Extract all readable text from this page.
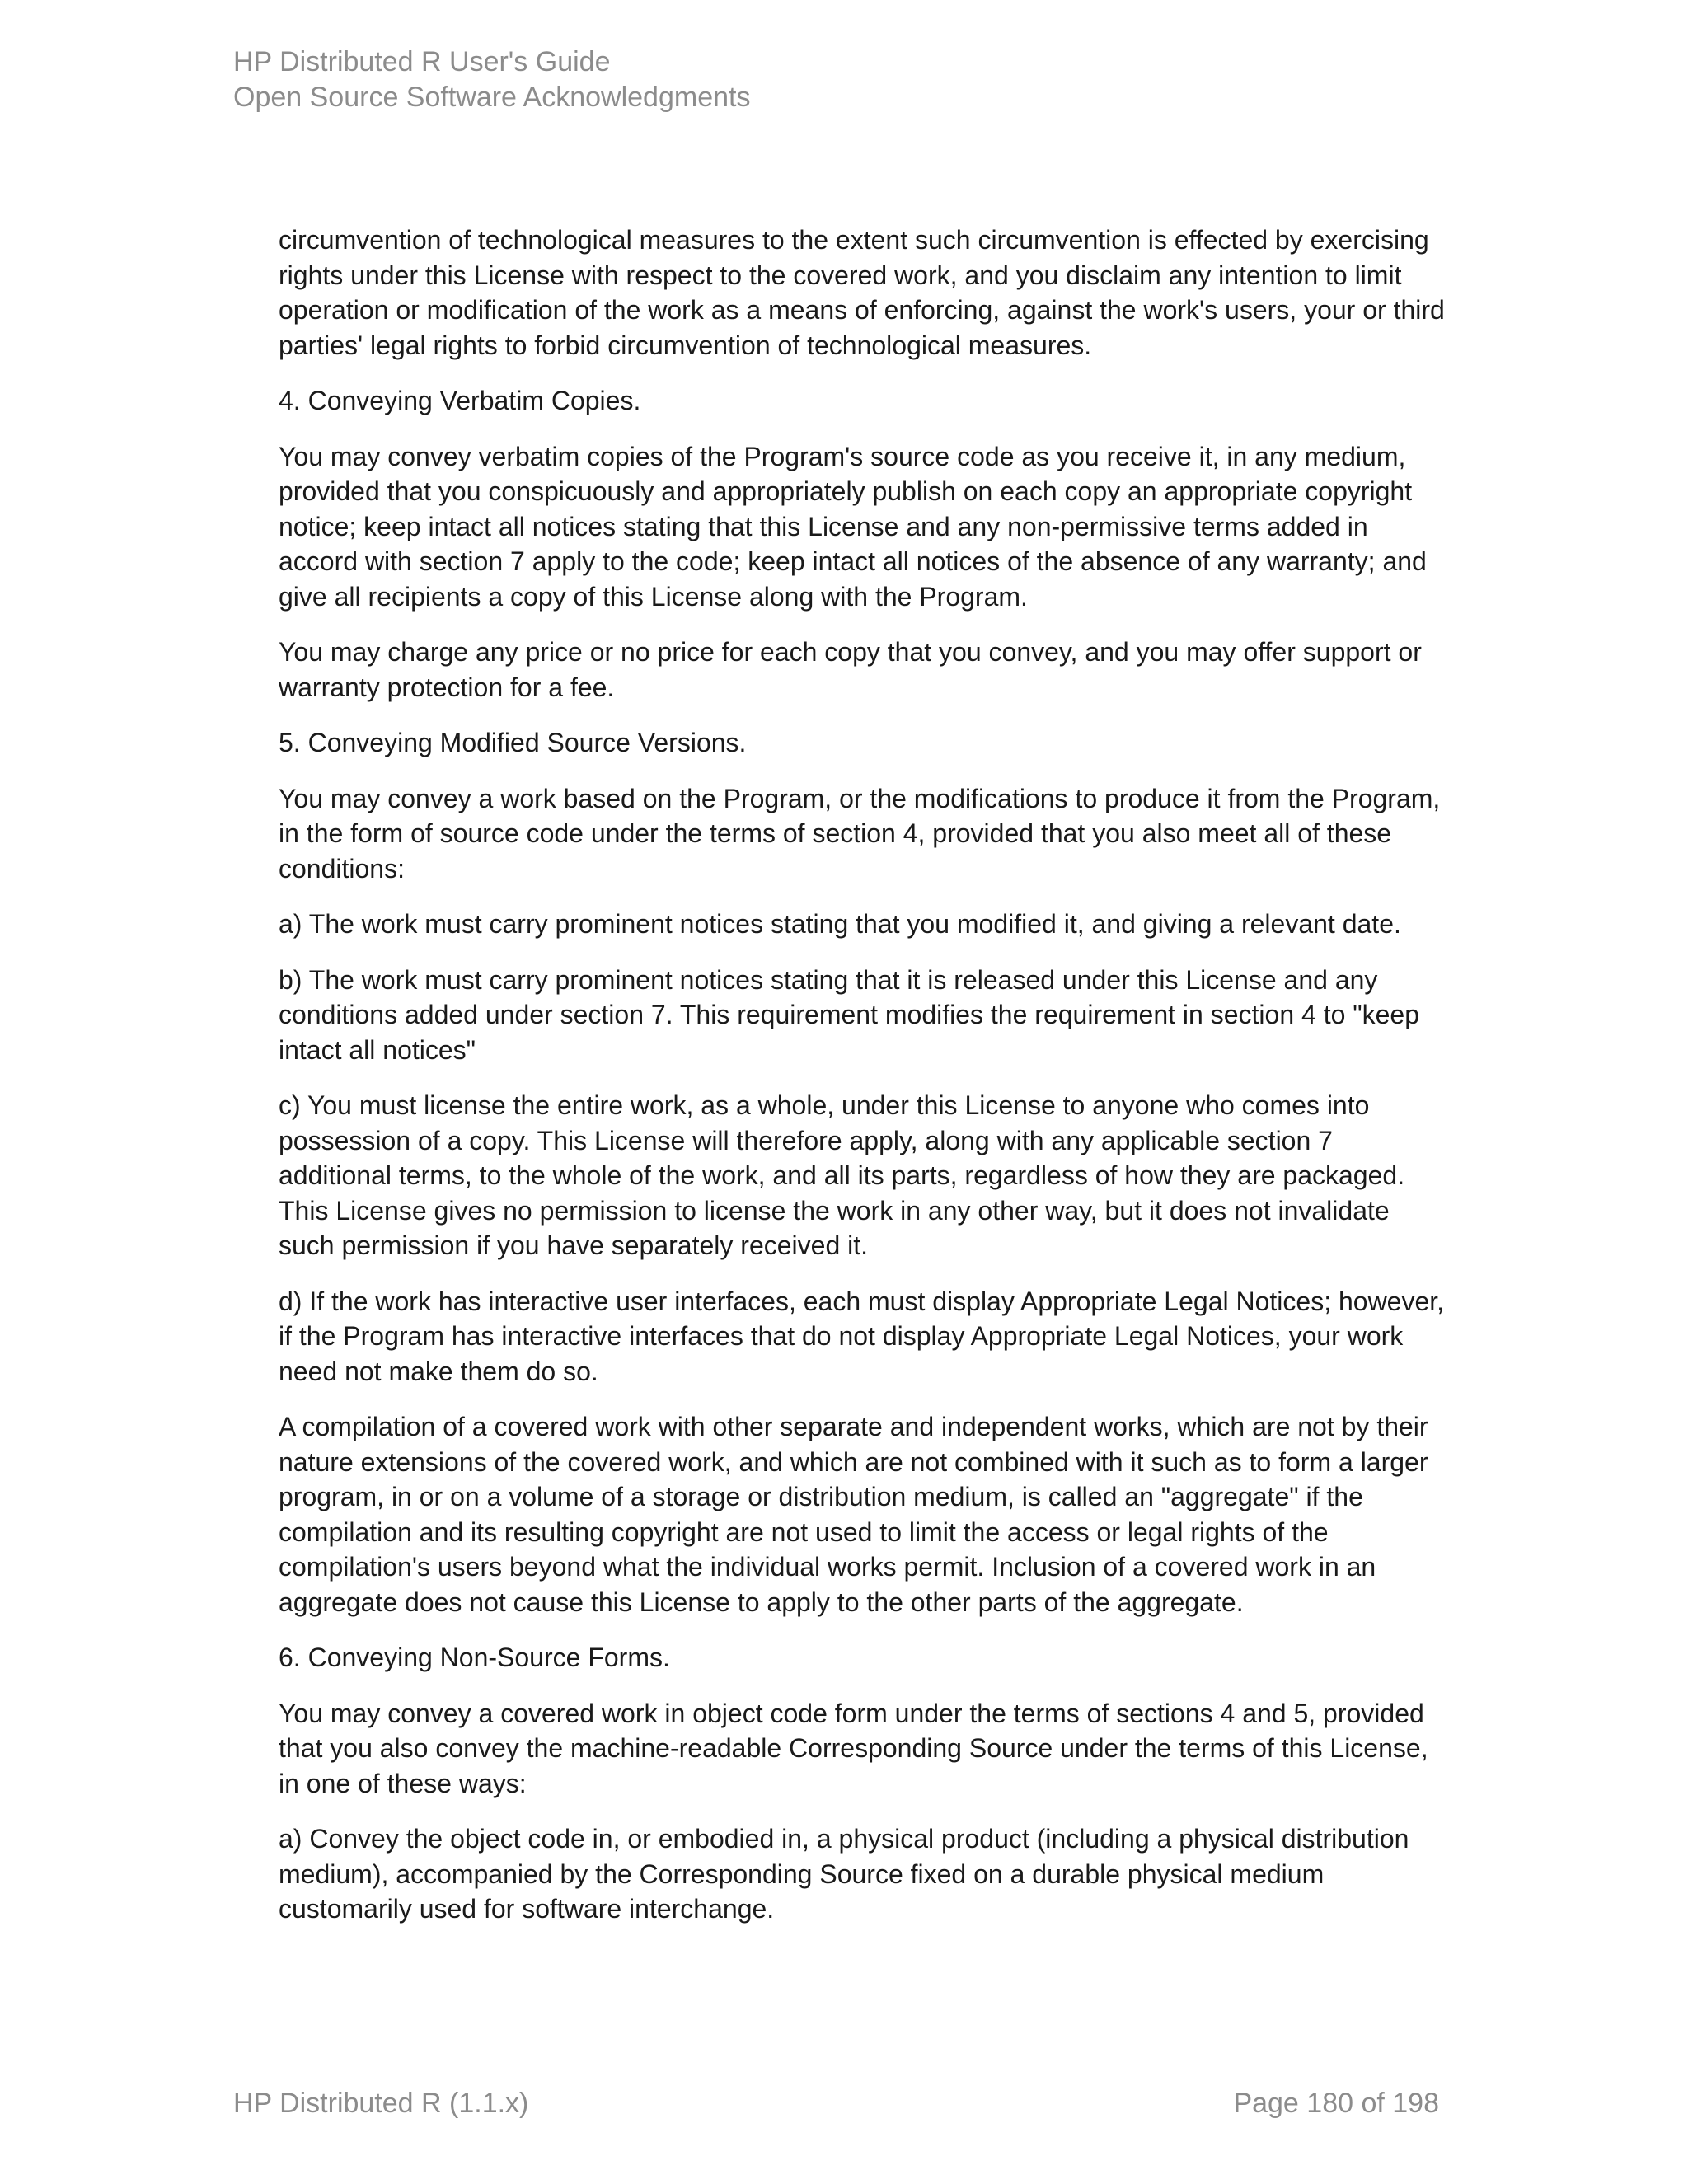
HP Distributed R User's Guide
Open Source Software Acknowledgments

circumvention of technological measures to the extent such circumvention is effected by exercising rights under this License with respect to the covered work, and you disclaim any intention to limit operation or modification of the work as a means of enforcing, against the work's users, your or third parties' legal rights to forbid circumvention of technological measures.

4. Conveying Verbatim Copies.

You may convey verbatim copies of the Program's source code as you receive it, in any medium, provided that you conspicuously and appropriately publish on each copy an appropriate copyright notice; keep intact all notices stating that this License and any non-permissive terms added in accord with section 7 apply to the code; keep intact all notices of the absence of any warranty; and give all recipients a copy of this License along with the Program.

You may charge any price or no price for each copy that you convey, and you may offer support or warranty protection for a fee.

5. Conveying Modified Source Versions.

You may convey a work based on the Program, or the modifications to produce it from the Program, in the form of source code under the terms of section 4, provided that you also meet all of these conditions:

a) The work must carry prominent notices stating that you modified it, and giving a relevant date.

b) The work must carry prominent notices stating that it is released under this License and any conditions added under section 7. This requirement modifies the requirement in section 4 to "keep intact all notices"

c) You must license the entire work, as a whole, under this License to anyone who comes into possession of a copy. This License will therefore apply, along with any applicable section 7 additional terms, to the whole of the work, and all its parts, regardless of how they are packaged. This License gives no permission to license the work in any other way, but it does not invalidate such permission if you have separately received it.

d) If the work has interactive user interfaces, each must display Appropriate Legal Notices; however, if the Program has interactive interfaces that do not display Appropriate Legal Notices, your work need not make them do so.

A compilation of a covered work with other separate and independent works, which are not by their nature extensions of the covered work, and which are not combined with it such as to form a larger program, in or on a volume of a storage or distribution medium, is called an "aggregate" if the compilation and its resulting copyright are not used to limit the access or legal rights of the compilation's users beyond what the individual works permit. Inclusion of a covered work in an aggregate does not cause this License to apply to the other parts of the aggregate.

6. Conveying Non-Source Forms.

You may convey a covered work in object code form under the terms of sections 4 and 5, provided that you also convey the machine-readable Corresponding Source under the terms of this License, in one of these ways:

a) Convey the object code in, or embodied in, a physical product (including a physical distribution medium), accompanied by the Corresponding Source fixed on a durable physical medium customarily used for software interchange.

HP Distributed R (1.1.x)	Page 180 of 198
